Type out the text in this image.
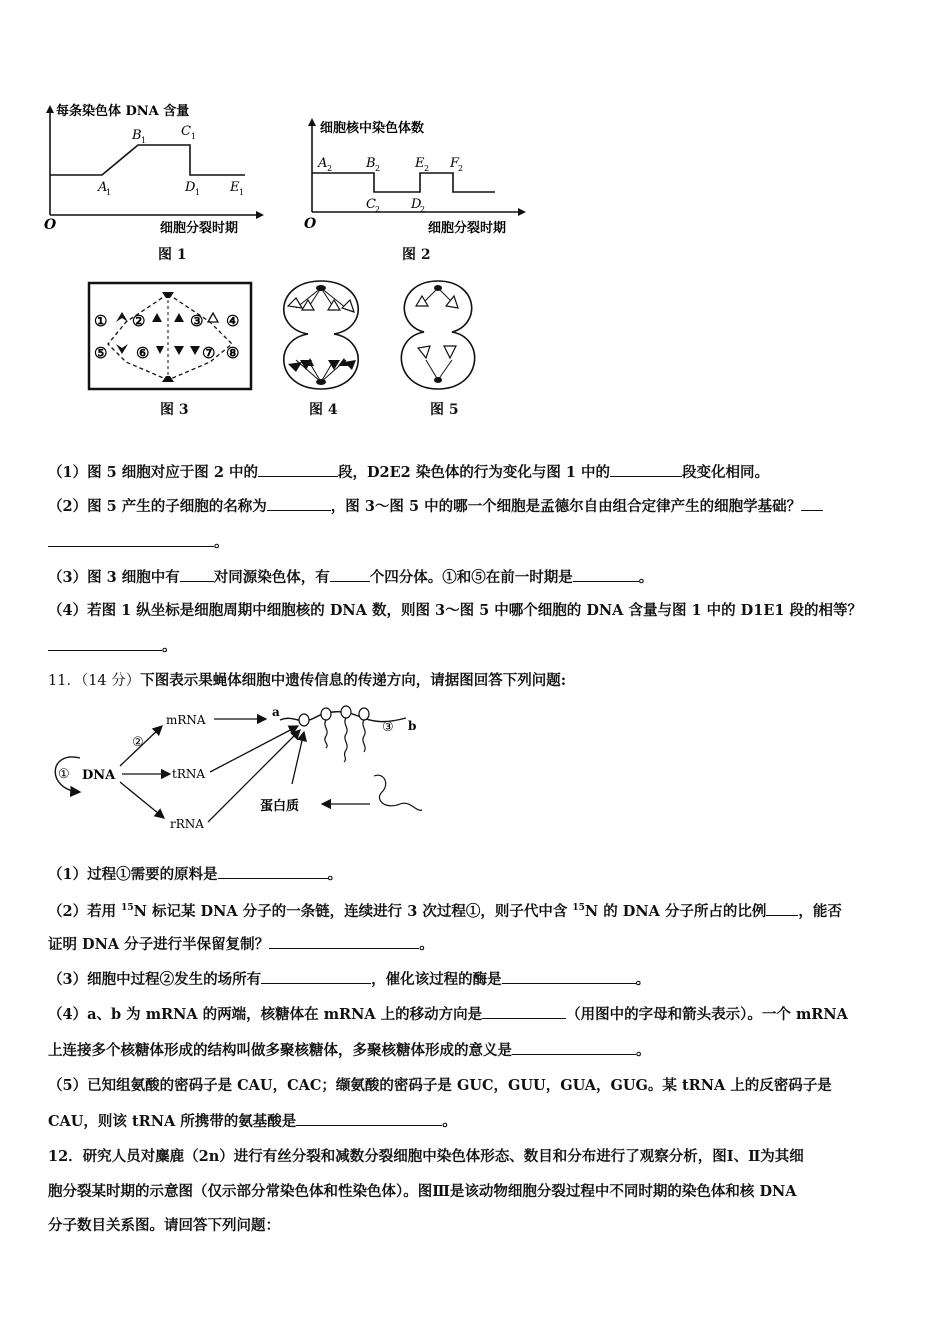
每条染色体 DNA 含量
A
1
B 1
C 1
D 1 E 1
O	细胞分裂时期
图 1
细胞核中染色体数
A 2	B 2
C 2 D
2
E 2 F
2
O	细胞分裂时期
图 2
① ②	③ ④
⑤ ⑥	⑦ ⑧
图 3	图 4	图 5
（1）图 5 细胞对应于图 2 中的	段，D2E2 染色体的行为变化与图 1 中的	段变化相同。
（2）图 5 产生的子细胞的名称为	，图 3～图 5 中的哪一个细胞是孟德尔自由组合定律产生的细胞学基础？
。
（3）图 3 细胞中有 对同源染色体，有	个四分体。①和⑤在前一时期是	。
（4）若图 1 纵坐标是细胞周期中细胞核的 DNA 数，则图 3～图 5 中哪个细胞的 DNA 含量与图 1 中的 D1E1 段的相等？
。
11．（14 分）下图表示果蝇体细胞中遗传信息的传递方向，请据图回答下列问题:
① DNA
②
mRNA
tRNA
rRNA
a
b
③
蛋白质
（1）过程①需要的原料是	。
（2）若用 $^{15}$N 标记某 DNA 分子的一条链，连续进行 3 次过程①，则子代中含 $^{15}$N 的 DNA 分子所占的比例 ，能否
证明 DNA 分子进行半保留复制？	。
（3）细胞中过程②发生的场所有	，催化该过程的酶是	。
（4）a、b 为 mRNA 的两端，核糖体在 mRNA 上的移动方向是	（用图中的字母和箭头表示）。一个 mRNA
上连接多个核糖体形成的结构叫做多聚核糖体，多聚核糖体形成的意义是	。
（5）已知组氨酸的密码子是 CAU，CAC；缬氨酸的密码子是 GUC，GUU，GUA，GUG。某 tRNA 上的反密码子是
CAU，则该 tRNA 所携带的氨基酸是	。
12．研究人员对麋鹿（2n）进行有丝分裂和减数分裂细胞中染色体形态、数目和分布进行了观察分析，图Ⅰ、Ⅱ为其细
胞分裂某时期的示意图（仅示部分常染色体和性染色体）。图Ⅲ是该动物细胞分裂过程中不同时期的染色体和核 DNA
分子数目关系图。请回答下列问题：
